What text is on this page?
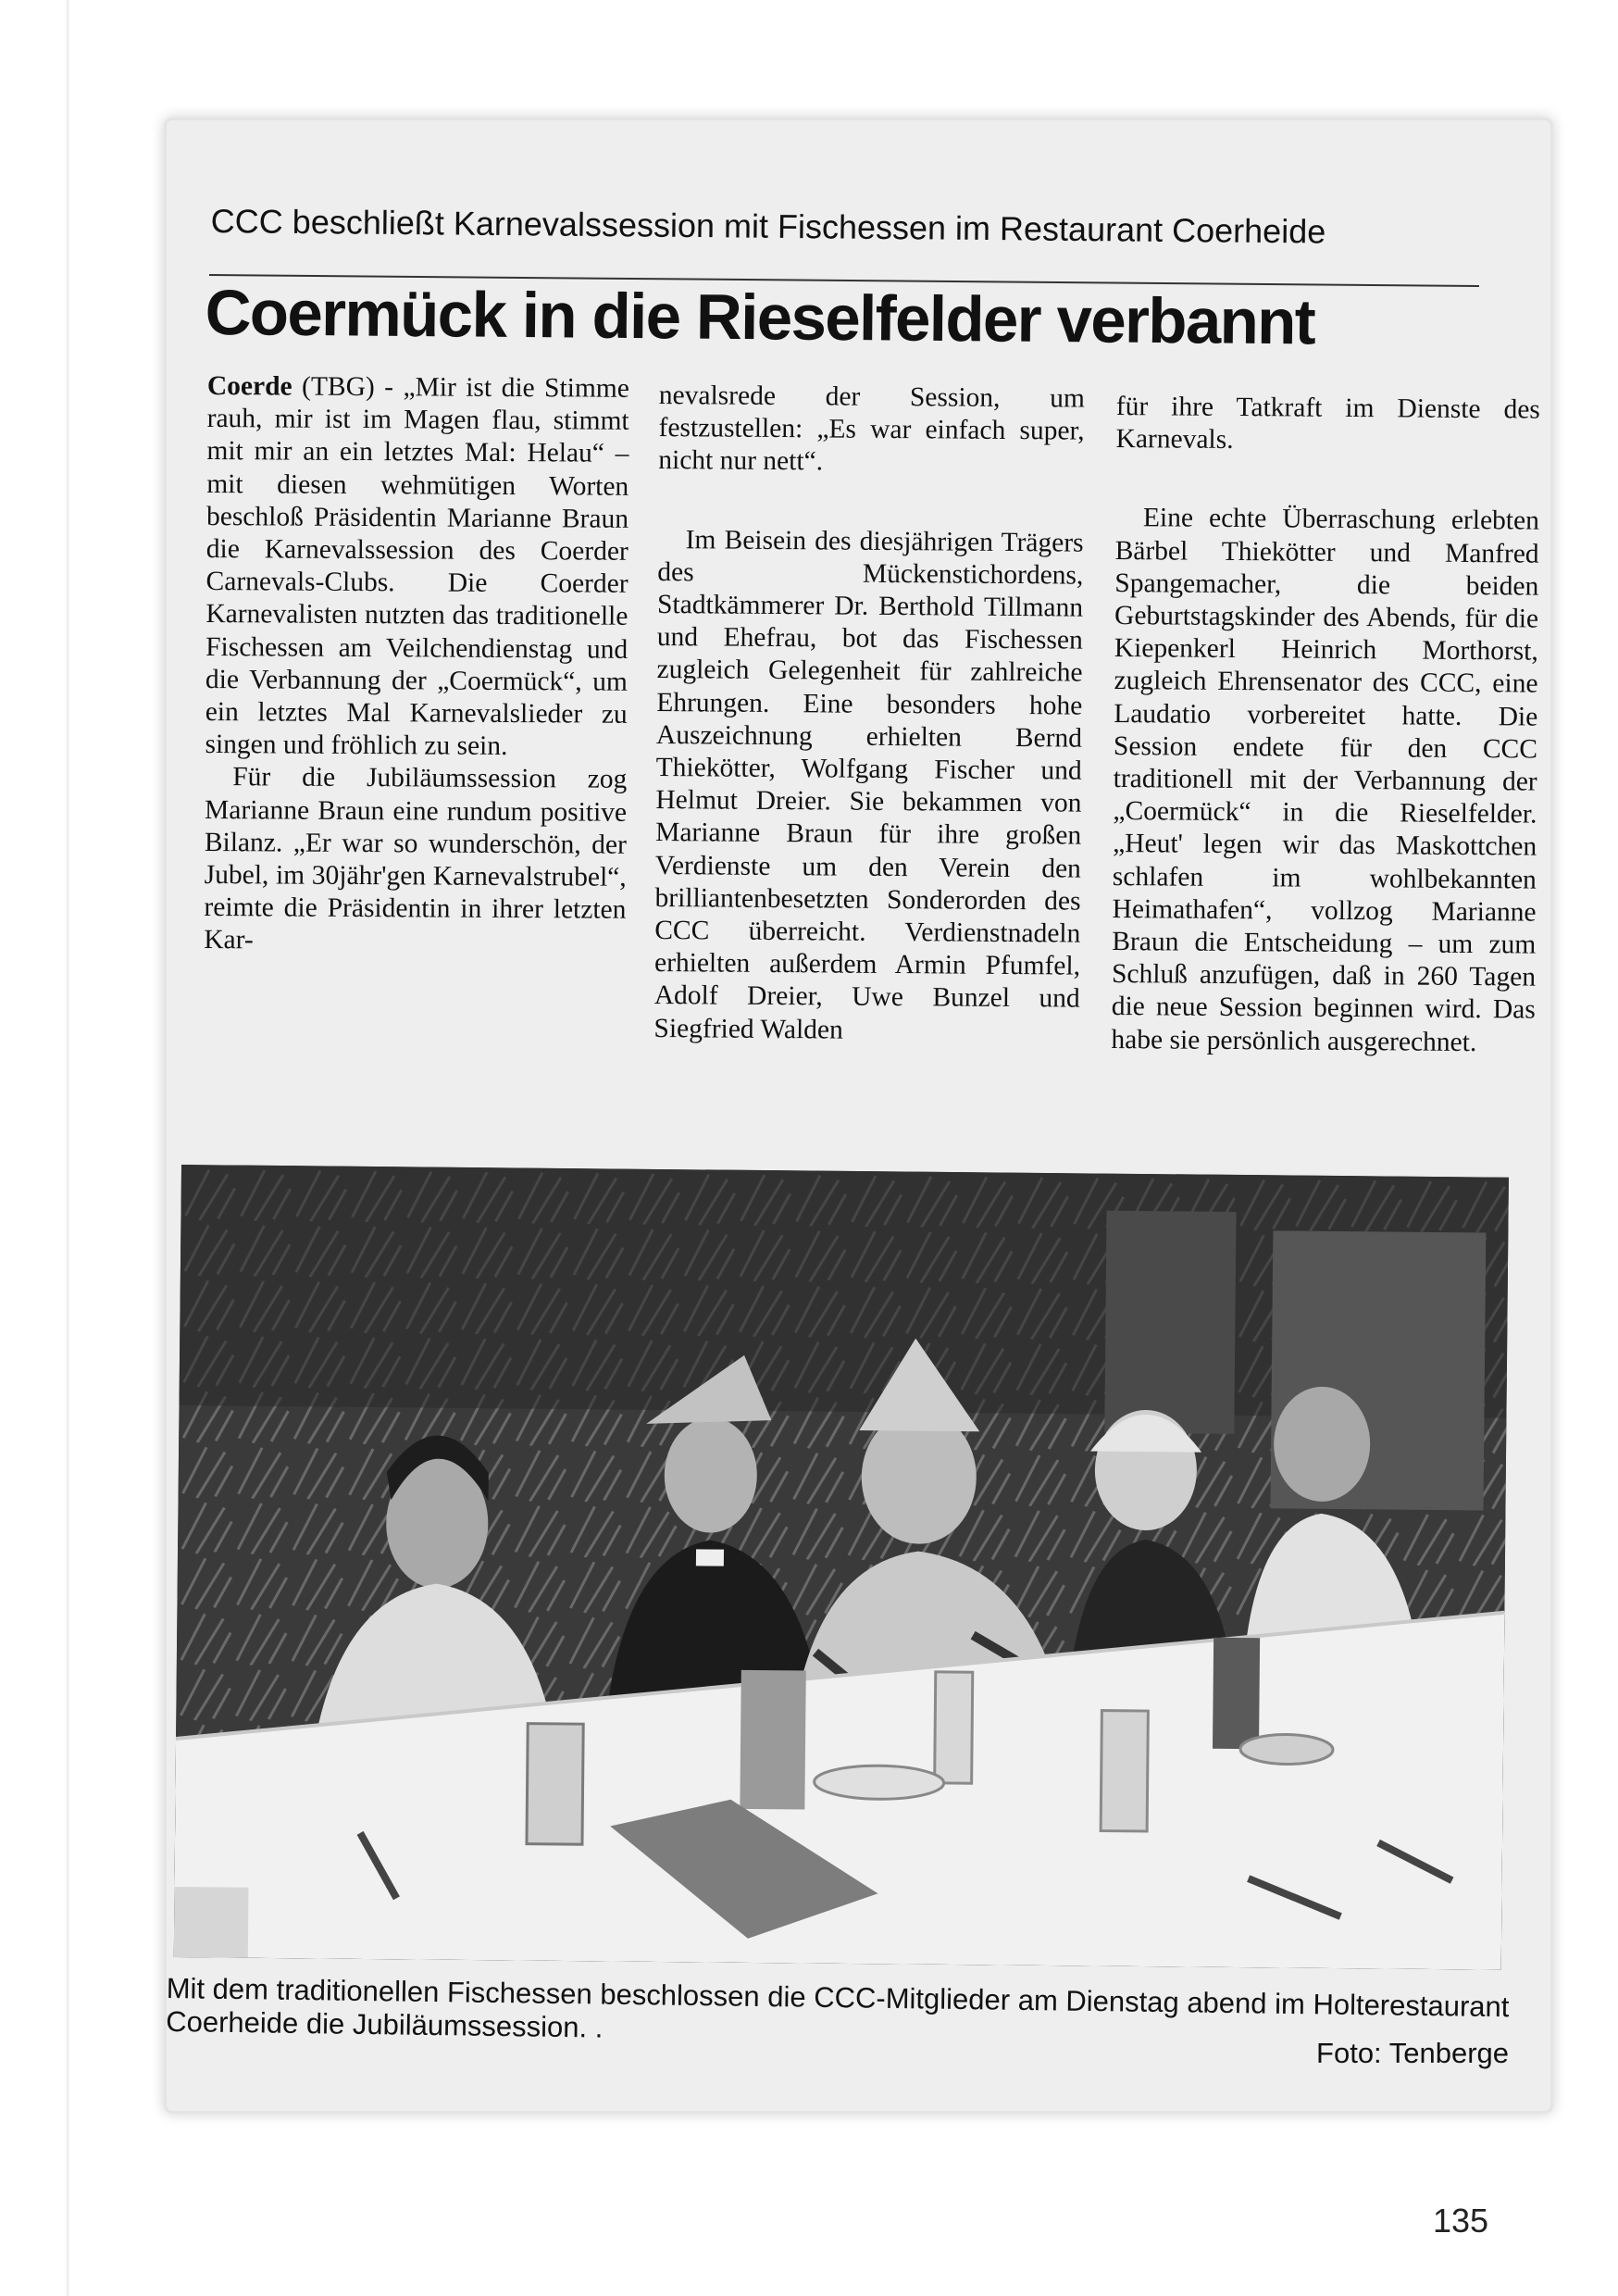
CCC beschließt Karnevalssession mit Fischessen im Restaurant Coerheide
Coermück in die Rieselfelder verbannt

Coerde (TBG) - „Mir ist die Stimme rauh, mir ist im Magen flau, stimmt mit mir an ein letztes Mal: Helau“ – mit diesen wehmütigen Worten beschloß Präsidentin Marianne Braun die Karnevalssession des Coerder Carnevals-Clubs. Die Coerder Karnevalisten nutzten das traditionelle Fischessen am Veilchendienstag und die Verbannung der „Coermück“, um ein letztes Mal Karnevalslieder zu singen und fröhlich zu sein.

Für die Jubiläumssession zog Marianne Braun eine rundum positive Bilanz. „Er war so wunderschön, der Jubel, im 30jähr'gen Karnevalstrubel“, reimte die Präsidentin in ihrer letzten Kar-

nevalsrede der Session, um festzustellen: „Es war einfach super, nicht nur nett“.

Im Beisein des diesjährigen Trägers des Mückenstichordens, Stadtkämmerer Dr. Berthold Tillmann und Ehefrau, bot das Fischessen zugleich Gelegenheit für zahlreiche Ehrungen. Eine besonders hohe Auszeichnung erhielten Bernd Thiekötter, Wolfgang Fischer und Helmut Dreier. Sie bekammen von Marianne Braun für ihre großen Verdienste um den Verein den brilliantenbesetzten Sonderorden des CCC überreicht. Verdienstnadeln erhielten außerdem Armin Pfumfel, Adolf Dreier, Uwe Bunzel und Siegfried Walden

für ihre Tatkraft im Dienste des Karnevals.

Eine echte Überraschung erlebten Bärbel Thiekötter und Manfred Spangemacher, die beiden Geburtstagskinder des Abends, für die Kiepenkerl Heinrich Morthorst, zugleich Ehrensenator des CCC, eine Laudatio vorbereitet hatte. Die Session endete für den CCC traditionell mit der Verbannung der „Coermück“ in die Rieselfelder. „Heut' legen wir das Maskottchen schlafen im wohlbekannten Heimathafen“, vollzog Marianne Braun die Entscheidung – um zum Schluß anzufügen, daß in 260 Tagen die neue Session beginnen wird. Das habe sie persönlich ausgerechnet.

Mit dem traditionellen Fischessen beschlossen die CCC-Mitglieder am Dienstag abend im Holterestaurant Coerheide die Jubiläumssession. .
Foto: Tenberge
135
